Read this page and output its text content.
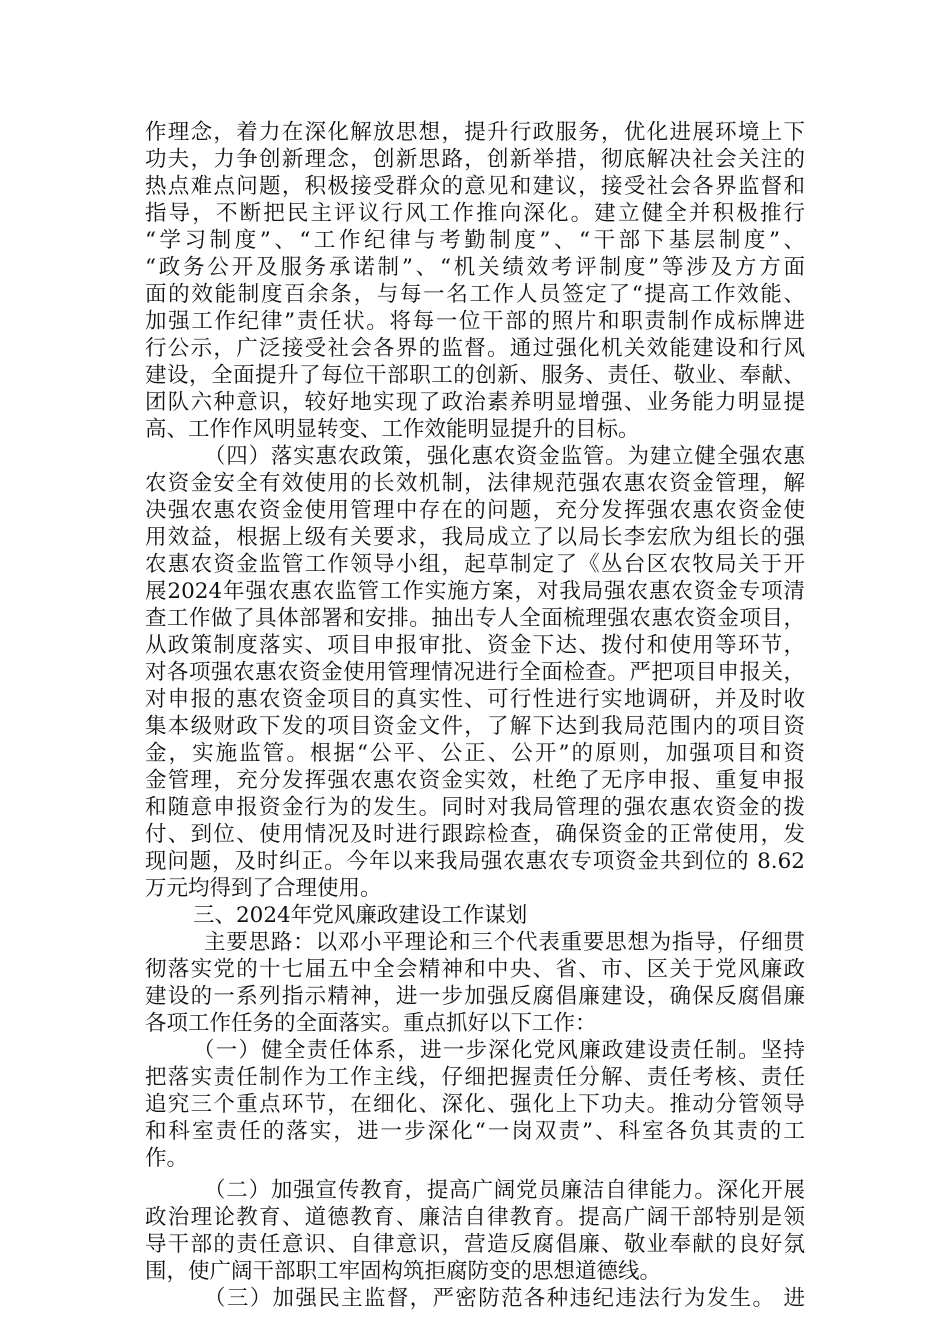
作理念，着力在深化解放思想，提升行政服务，优化进展环境上下
功夫，力争创新理念，创新思路，创新举措，彻底解决社会关注的
热点难点问题，积极接受群众的意见和建议，接受社会各界监督和
指导，不断把民主评议行风工作推向深化。建立健全并积极推行
“学习制度”、“工作纪律与考勤制度”、“干部下基层制度”、
“政务公开及服务承诺制”、“机关绩效考评制度”等涉及方方面
面的效能制度百余条，与每一名工作人员签定了“提高工作效能、
加强工作纪律”责任状。将每一位干部的照片和职责制作成标牌进
行公示，广泛接受社会各界的监督。通过强化机关效能建设和行风
建设，全面提升了每位干部职工的创新、服务、责任、敬业、奉献、
团队六种意识，较好地实现了政治素养明显增强、业务能力明显提
高、工作作风明显转变、工作效能明显提升的目标。
（四）落实惠农政策，强化惠农资金监管。为建立健全强农惠
农资金安全有效使用的长效机制，法律规范强农惠农资金管理，解
决强农惠农资金使用管理中存在的问题，充分发挥强农惠农资金使
用效益，根据上级有关要求，我局成立了以局长李宏欣为组长的强
农惠农资金监管工作领导小组，起草制定了《丛台区农牧局关于开
展2024年强农惠农监管工作实施方案，对我局强农惠农资金专项清
查工作做了具体部署和安排。抽出专人全面梳理强农惠农资金项目，
从政策制度落实、项目申报审批、资金下达、拨付和使用等环节，
对各项强农惠农资金使用管理情况进行全面检查。严把项目申报关，
对申报的惠农资金项目的真实性、可行性进行实地调研，并及时收
集本级财政下发的项目资金文件，了解下达到我局范围内的项目资
金，实施监管。根据“公平、公正、公开”的原则，加强项目和资
金管理，充分发挥强农惠农资金实效，杜绝了无序申报、重复申报
和随意申报资金行为的发生。同时对我局管理的强农惠农资金的拨
付、到位、使用情况及时进行跟踪检查，确保资金的正常使用，发
现问题，及时纠正。今年以来我局强农惠农专项资金共到位的 8.62
万元均得到了合理使用。
三、2024年党风廉政建设工作谋划
主要思路：以邓小平理论和三个代表重要思想为指导，仔细贯
彻落实党的十七届五中全会精神和中央、省、市、区关于党风廉政
建设的一系列指示精神，进一步加强反腐倡廉建设，确保反腐倡廉
各项工作任务的全面落实。重点抓好以下工作：
（一）健全责任体系，进一步深化党风廉政建设责任制。坚持
把落实责任制作为工作主线，仔细把握责任分解、责任考核、责任
追究三个重点环节，在细化、深化、强化上下功夫。推动分管领导
和科室责任的落实，进一步深化“一岗双责”、科室各负其责的工
作。
（二）加强宣传教育，提高广阔党员廉洁自律能力。深化开展
政治理论教育、道德教育、廉洁自律教育。提高广阔干部特别是领
导干部的责任意识、自律意识，营造反腐倡廉、敬业奉献的良好氛
围，使广阔干部职工牢固构筑拒腐防变的思想道德线。
（三）加强民主监督，严密防范各种违纪违法行为发生。 进
